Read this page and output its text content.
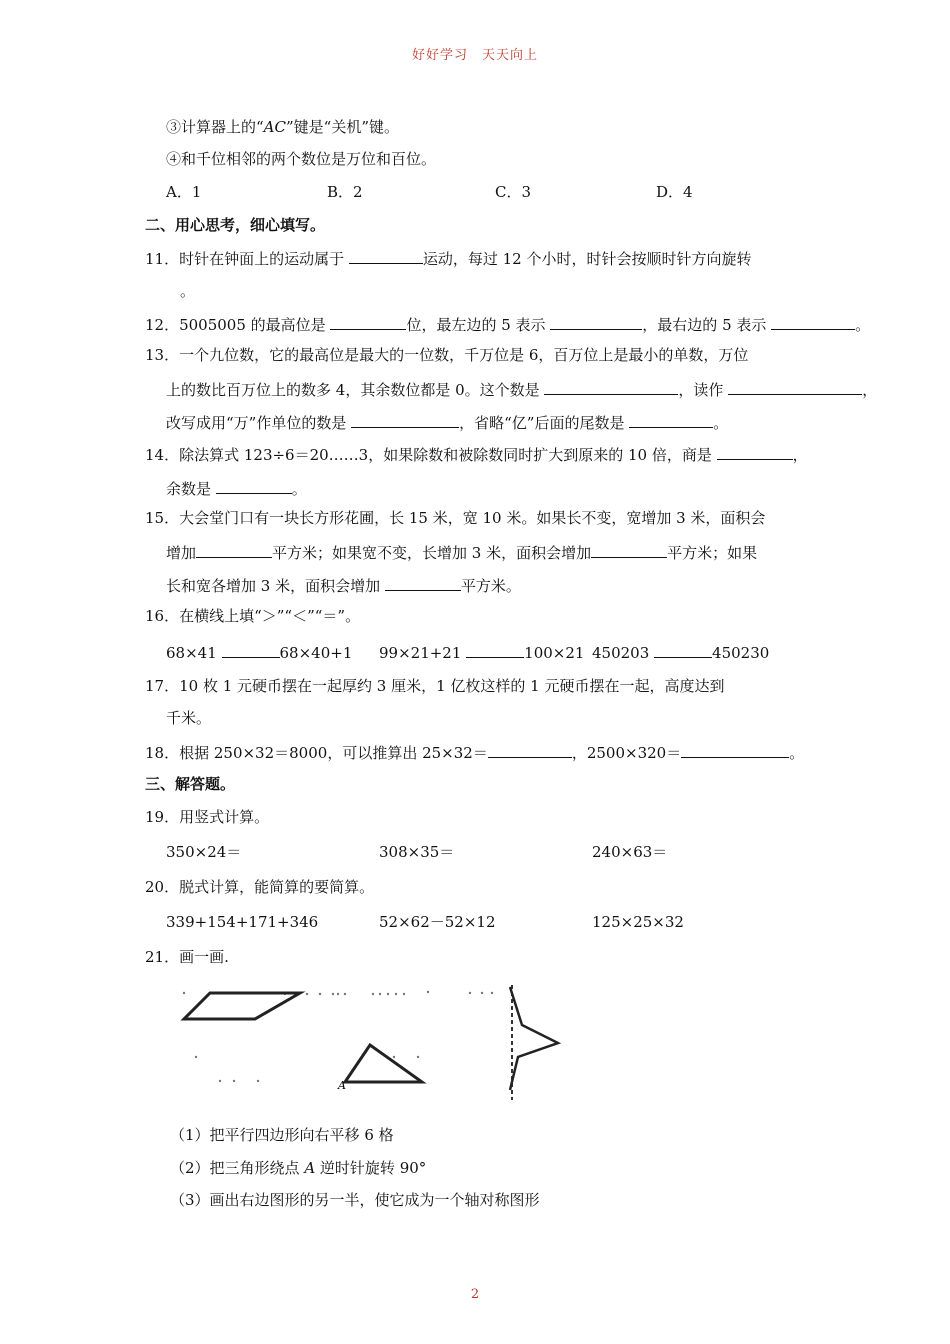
好好学习　天天向上
③计算器上的“AC”键是“关机”键。
④和千位相邻的两个数位是万位和百位。
A．1	B．2	C．3	D．4
二、用心思考，细心填写。
11．时针在钟面上的运动属于	运动，每过 12 个小时，时针会按顺时针方向旋转
。
12．5005005 的最高位是	位，最左边的 5 表示	，最右边的 5 表示	。
13．一个九位数，它的最高位是最大的一位数，千万位是 6，百万位上是最小的单数，万位
上的数比百万位上的数多 4，其余数位都是 0。这个数是	，读作	，
改写成用“万”作单位的数是	，省略“亿”后面的尾数是	。
14．除法算式 123÷6＝20……3，如果除数和被除数同时扩大到原来的 10 倍，商是	，
余数是	。
15．大会堂门口有一块长方形花圃，长 15 米，宽 10 米。如果长不变，宽增加 3 米，面积会
增加	平方米；如果宽不变，长增加 3 米，面积会增加	平方米；如果
长和宽各增加 3 米，面积会增加	平方米。
16．在横线上填“＞”“＜”“＝”。
68×41	68×40+1 99×21+21	100×21 450203	450230
17．10 枚 1 元硬币摆在一起厚约 3 厘米，1 亿枚这样的 1 元硬币摆在一起，高度达到
千米。
18．根据 250×32＝8000，可以推算出 25×32＝	，2500×320＝	。
三、解答题。
19．用竖式计算。
350×24＝	308×35＝	240×63＝
20．脱式计算，能简算的要简算。
339+154+171+346	52×62－52×12	125×25×32
21．画一画.
A
（1）把平行四边形向右平移 6 格
（2）把三角形绕点 A 逆时针旋转 90°
（3）画出右边图形的另一半，使它成为一个轴对称图形
2
